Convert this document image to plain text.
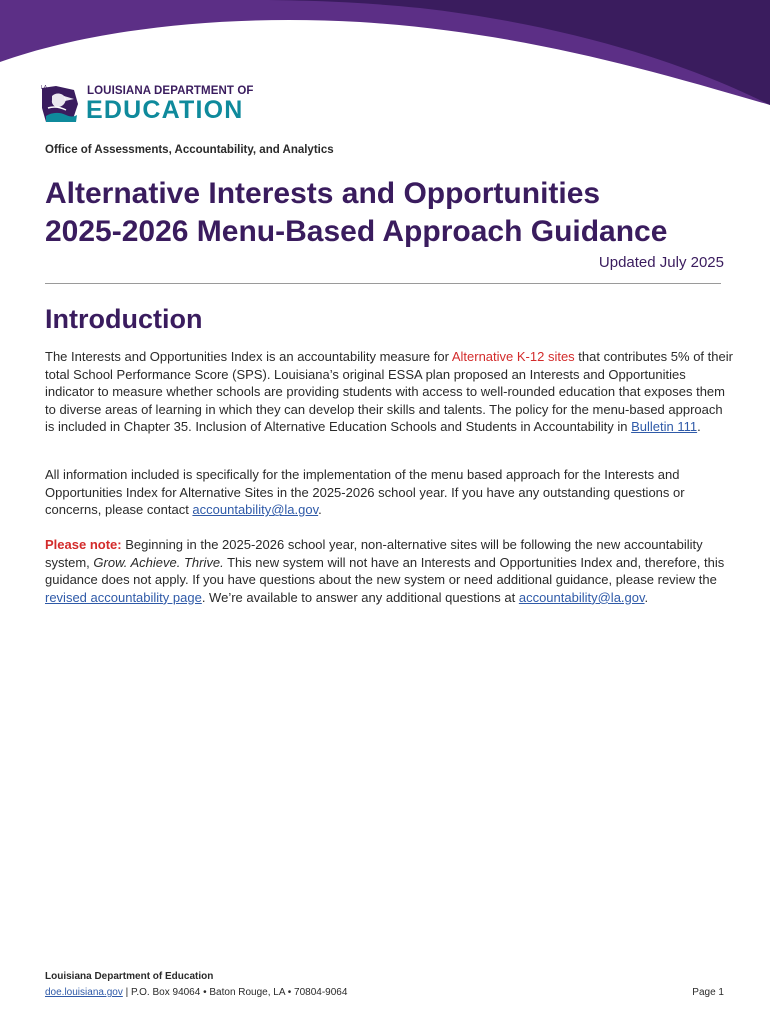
LA	LOUISIANA DEPARTMENT OF
EDUCATION
Office of Assessments, Accountability, and Analytics
Alternative Interests and Opportunities
2025-2026 Menu-Based Approach Guidance
Updated July 2025
Introduction

The Interests and Opportunities Index is an accountability measure for Alternative K-12 sites that contributes 5% of their total School Performance Score (SPS). Louisiana’s original ESSA plan proposed an Interests and Opportunities indicator to measure whether schools are providing students with access to well-rounded education that exposes them to diverse areas of learning in which they can develop their skills and talents. The policy for the menu-based approach is included in Chapter 35. Inclusion of Alternative Education Schools and Students in Accountability in Bulletin 111.

All information included is specifically for the implementation of the menu based approach for the Interests and Opportunities Index for Alternative Sites in the 2025-2026 school year. If you have any outstanding questions or concerns, please contact accountability@la.gov.

Please note: Beginning in the 2025-2026 school year, non-alternative sites will be following the new accountability system, Grow. Achieve. Thrive. This new system will not have an Interests and Opportunities Index and, therefore, this guidance does not apply. If you have questions about the new system or need additional guidance, please review the revised accountability page. We’re available to answer any additional questions at accountability@la.gov.

Louisiana Department of Education
doe.louisiana.gov | P.O. Box 94064 • Baton Rouge, LA • 70804-9064	Page 1
